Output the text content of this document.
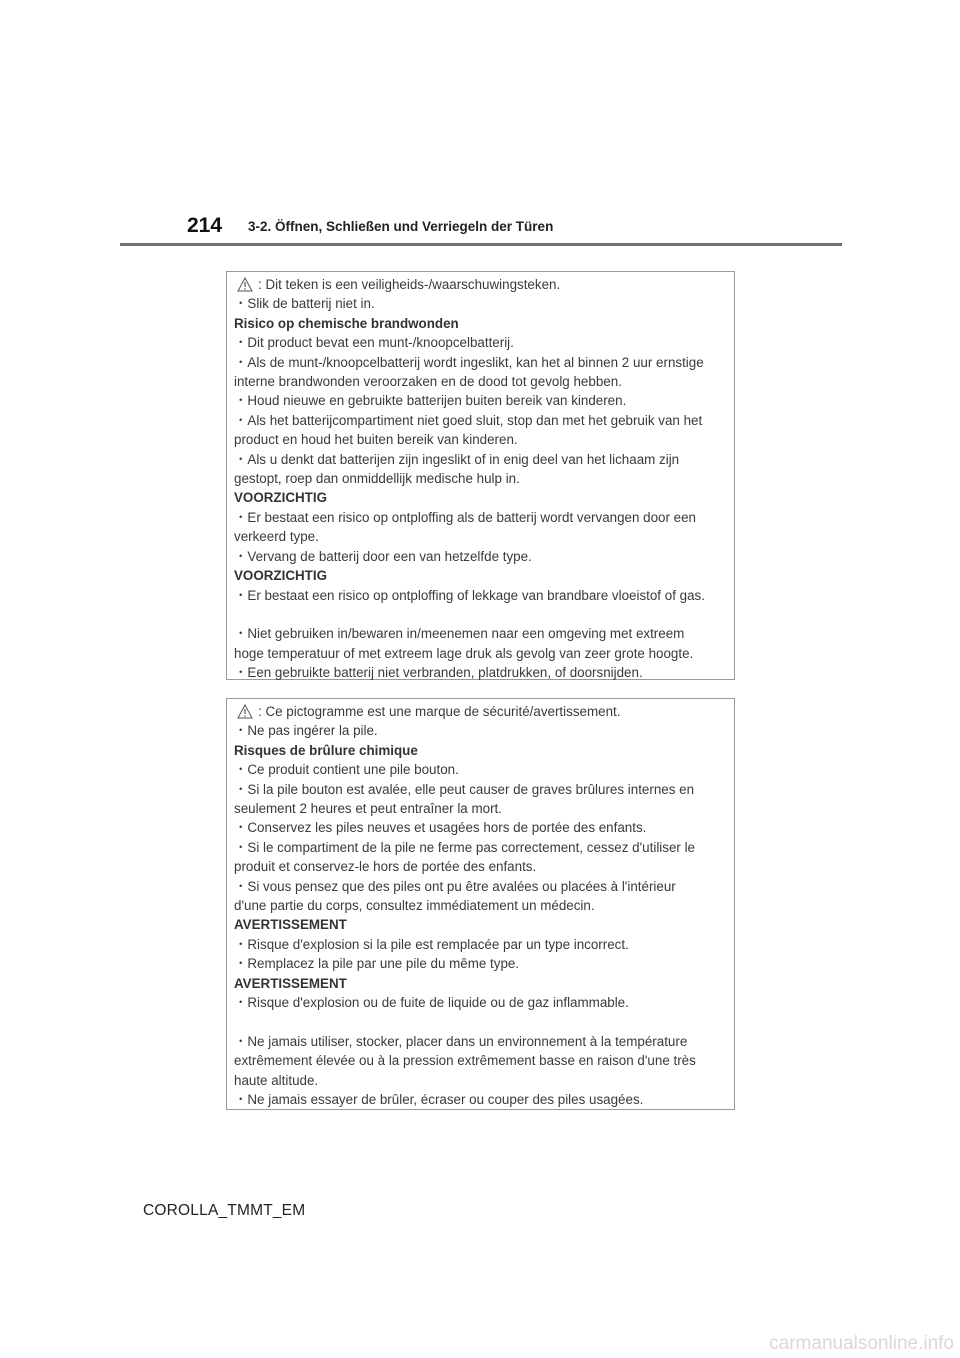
214 3-2. Öffnen, Schließen und Verriegeln der Türen

: Dit teken is een veiligheids-/waarschuwingsteken.

・Slik de batterij niet in.

Risico op chemische brandwonden

・Dit product bevat een munt-/knoopcelbatterij.

・Als de munt-/knoopcelbatterij wordt ingeslikt, kan het al binnen 2 uur ernstige

interne brandwonden veroorzaken en de dood tot gevolg hebben.

・Houd nieuwe en gebruikte batterijen buiten bereik van kinderen.

・Als het batterijcompartiment niet goed sluit, stop dan met het gebruik van het

product en houd het buiten bereik van kinderen.

・Als u denkt dat batterijen zijn ingeslikt of in enig deel van het lichaam zijn

gestopt, roep dan onmiddellijk medische hulp in.

VOORZICHTIG

・Er bestaat een risico op ontploffing als de batterij wordt vervangen door een

verkeerd type.

・Vervang de batterij door een van hetzelfde type.

VOORZICHTIG

・Er bestaat een risico op ontploffing of lekkage van brandbare vloeistof of gas.

・Niet gebruiken in/bewaren in/meenemen naar een omgeving met extreem

hoge temperatuur of met extreem lage druk als gevolg van zeer grote hoogte.

・Een gebruikte batterij niet verbranden, platdrukken, of doorsnijden.

: Ce pictogramme est une marque de sécurité/avertissement.

・Ne pas ingérer la pile.

Risques de brûlure chimique

・Ce produit contient une pile bouton.

・Si la pile bouton est avalée, elle peut causer de graves brûlures internes en

seulement 2 heures et peut entraîner la mort.

・Conservez les piles neuves et usagées hors de portée des enfants.

・Si le compartiment de la pile ne ferme pas correctement, cessez d'utiliser le

produit et conservez-le hors de portée des enfants.

・Si vous pensez que des piles ont pu être avalées ou placées à l'intérieur

d'une partie du corps, consultez immédiatement un médecin.

AVERTISSEMENT

・Risque d'explosion si la pile est remplacée par un type incorrect.

・Remplacez la pile par une pile du même type.

AVERTISSEMENT

・Risque d'explosion ou de fuite de liquide ou de gaz inflammable.

・Ne jamais utiliser, stocker, placer dans un environnement à la température

extrêmement élevée ou à la pression extrêmement basse en raison d'une très

haute altitude.

・Ne jamais essayer de brûler, écraser ou couper des piles usagées.

COROLLA_TMMT_EM
carmanualsonline.info
